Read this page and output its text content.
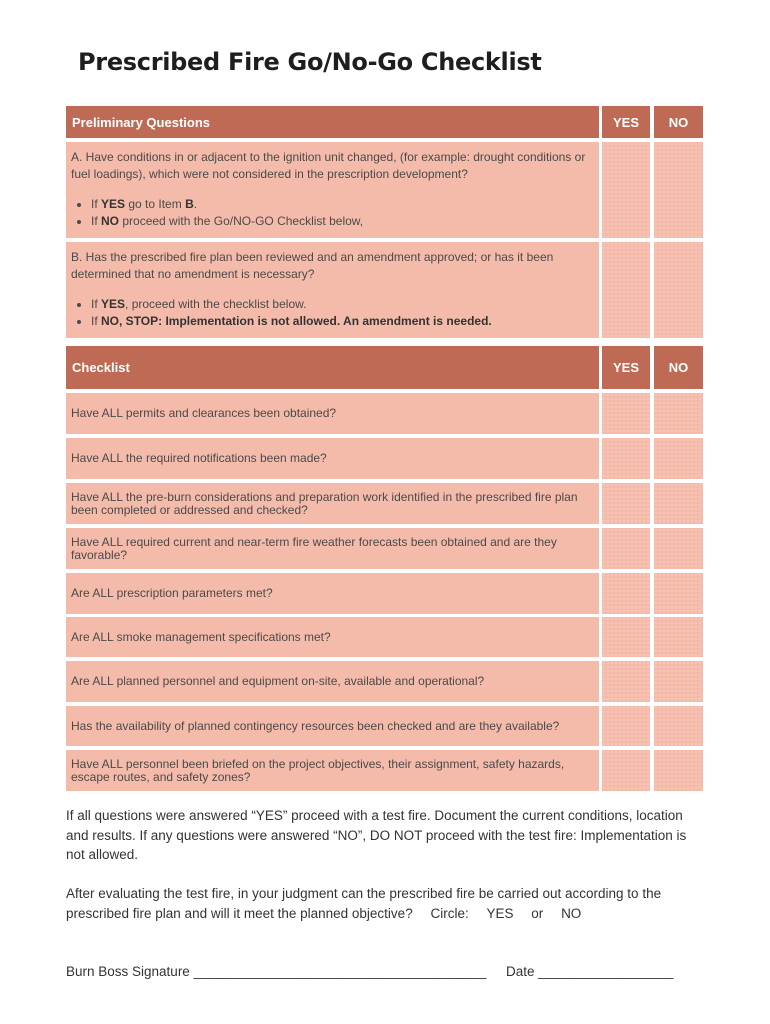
Prescribed Fire Go/No-Go Checklist
Preliminary Questions	YES NO
A. Have conditions in or adjacent to the ignition unit changed, (for example: drought conditions or fuel loadings), which were not considered in the prescription development?
• If YES go to Item B.
• If NO proceed with the Go/NO-GO Checklist below,
B. Has the prescribed fire plan been reviewed and an amendment approved; or has it been determined that no amendment is necessary?
• If YES, proceed with the checklist below.
• If NO, STOP: Implementation is not allowed. An amendment is needed.
Checklist	YES NO
Have ALL permits and clearances been obtained?
Have ALL the required notifications been made?
Have ALL the pre-burn considerations and preparation work identified in the prescribed fire plan been completed or addressed and checked?
Have ALL required current and near-term fire weather forecasts been obtained and are they favorable?
Are ALL prescription parameters met?
Are ALL smoke management specifications met?
Are ALL planned personnel and equipment on-site, available and operational?
Has the availability of planned contingency resources been checked and are they available?
Have ALL personnel been briefed on the project objectives, their assignment, safety hazards, escape routes, and safety zones?
If all questions were answered “YES” proceed with a test fire. Document the current conditions, location and results. If any questions were answered “NO”, DO NOT proceed with the test fire: Implementation is not allowed.
After evaluating the test fire, in your judgment can the prescribed fire be carried out according to the prescribed fire plan and will it meet the planned objective? Circle: YES or NO
Burn Boss Signature _______________________________________ Date __________________
